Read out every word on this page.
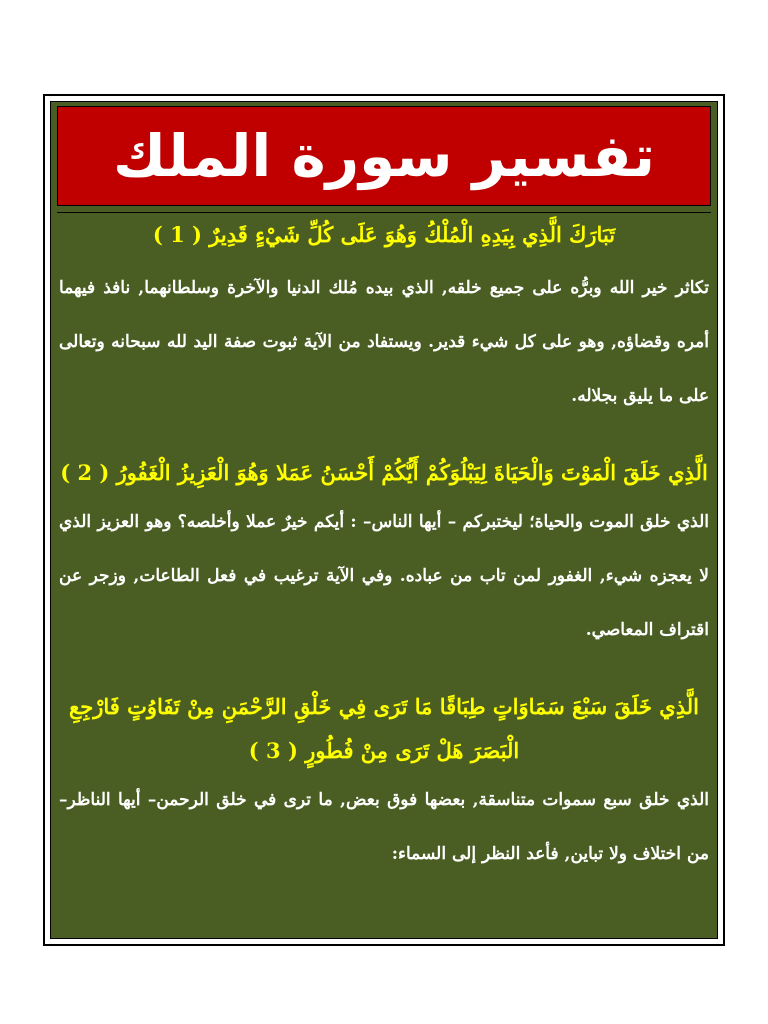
تفسير سورة الملك

تَبَارَكَ الَّذِي بِيَدِهِ الْمُلْكُ وَهُوَ عَلَى كُلِّ شَيْءٍ قَدِيرٌ ( 1 )

تكاثر خير الله وبرُّه على جميع خلقه, الذي بيده مُلك الدنيا والآخرة وسلطانهما, نافذ فيهما أمره وقضاؤه, وهو على كل شيء قدير. ويستفاد من الآية ثبوت صفة اليد لله سبحانه وتعالى على ما يليق بجلاله.

الَّذِي خَلَقَ الْمَوْتَ وَالْحَيَاةَ لِيَبْلُوَكُمْ أَيُّكُمْ أَحْسَنُ عَمَلا وَهُوَ الْعَزِيزُ الْغَفُورُ ( 2 )

الذي خلق الموت والحياة؛ ليختبركم – أيها الناس– : أيكم خيرٌ عملا وأخلصه؟ وهو العزيز الذي لا يعجزه شيء, الغفور لمن تاب من عباده. وفي الآية ترغيب في فعل الطاعات, وزجر عن اقتراف المعاصي.

الَّذِي خَلَقَ سَبْعَ سَمَاوَاتٍ طِبَاقًا مَا تَرَى فِي خَلْقِ الرَّحْمَنِ مِنْ تَفَاوُتٍ فَارْجِعِ الْبَصَرَ هَلْ تَرَى مِنْ فُطُورٍ ( 3 )

الذي خلق سبع سموات متناسقة, بعضها فوق بعض, ما ترى في خلق الرحمن– أيها الناظر– من اختلاف ولا تباين, فأعد النظر إلى السماء:
